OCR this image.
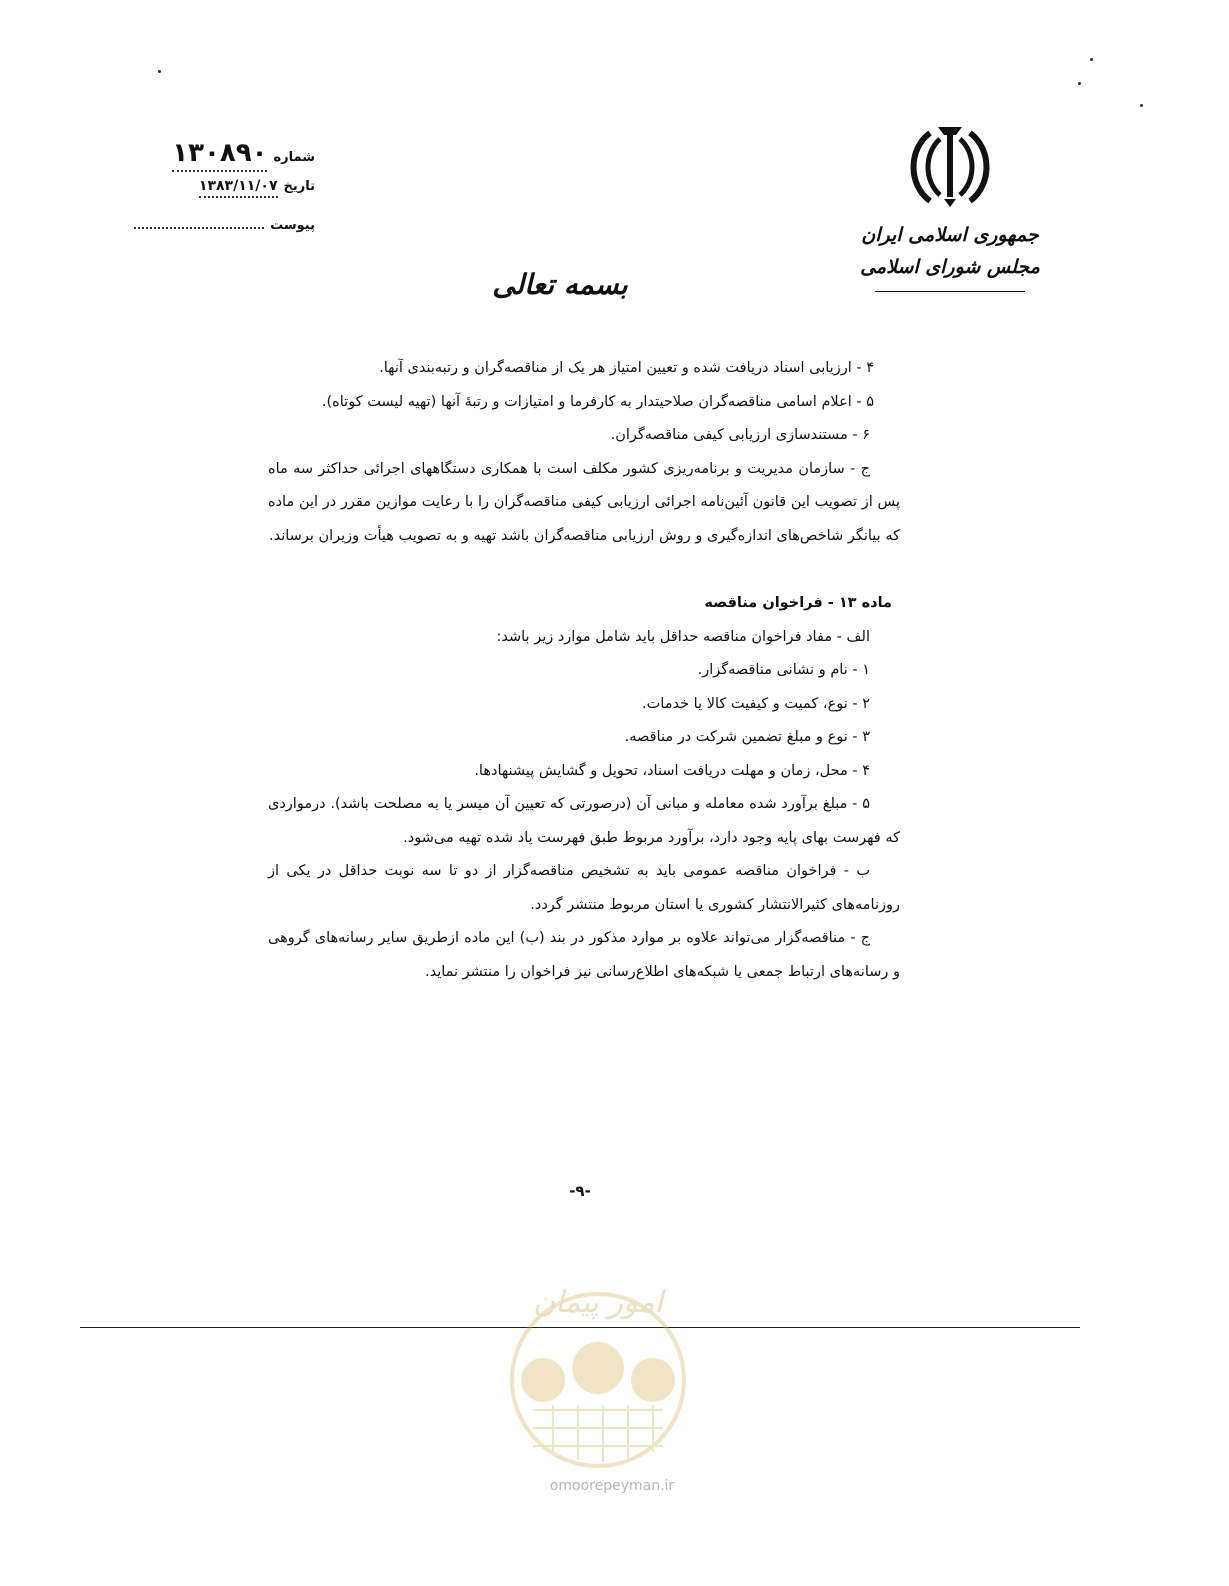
جمهوری اسلامی ایران
مجلس شورای اسلامی
شماره
۱۳۰۸۹۰
تاریخ
۱۳۸۳/۱۱/۰۷
پیوست
بسمه تعالی

۴ - ارزیابی اسناد دریافت شده و تعیین امتیاز هر یک از مناقصه‌گران و رتبه‌بندی آنها.

۵ - اعلام اسامی مناقصه‌گران صلاحیتدار به کارفرما و امتیازات و رتبهٔ آنها (تهیه لیست کوتاه).

۶ - مستندسازی ارزیابی کیفی مناقصه‌گران.

ج - سازمان مدیریت و برنامه‌ریزی کشور مکلف است با همکاری دستگاههای اجرائی حداکثر سه ماه پس از تصویب این قانون آئین‌نامه اجرائی ارزیابی کیفی مناقصه‌گران را با رعایت موازین مقرر در این ماده که بیانگر شاخص‌های اندازه‌گیری و روش ارزیابی مناقصه‌گران باشد تهیه و به تصویب هیأت وزیران برساند.

ماده ۱۳ - فراخوان مناقصه

الف - مفاد فراخوان مناقصه حداقل باید شامل موارد زیر باشد:

۱ - نام و نشانی مناقصه‌گزار.

۲ - نوع، کمیت و کیفیت کالا یا خدمات.

۳ - نوع و مبلغ تضمین شرکت در مناقصه.

۴ - محل، زمان و مهلت دریافت اسناد، تحویل و گشایش پیشنهادها.

۵ - مبلغ برآورد شده معامله و مبانی آن (درصورتی که تعیین آن میسر یا به مصلحت باشد). درمواردی که فهرست بهای پایه وجود دارد، برآورد مربوط طبق فهرست یاد شده تهیه می‌شود.

ب - فراخوان مناقصه عمومی باید به تشخیص مناقصه‌گزار از دو تا سه نوبت حداقل در یکی از روزنامه‌های کثیرالانتشار کشوری یا استان مربوط منتشر گردد.

ج - مناقصه‌گزار می‌تواند علاوه بر موارد مذکور در بند (ب) این ماده ازطریق سایر رسانه‌های گروهی و رسانه‌های ارتباط جمعی یا شبکه‌های اطلاع‌رسانی نیز فراخوان را منتشر نماید.

-۹-
امور پیمان
omoorepeyman.ir
